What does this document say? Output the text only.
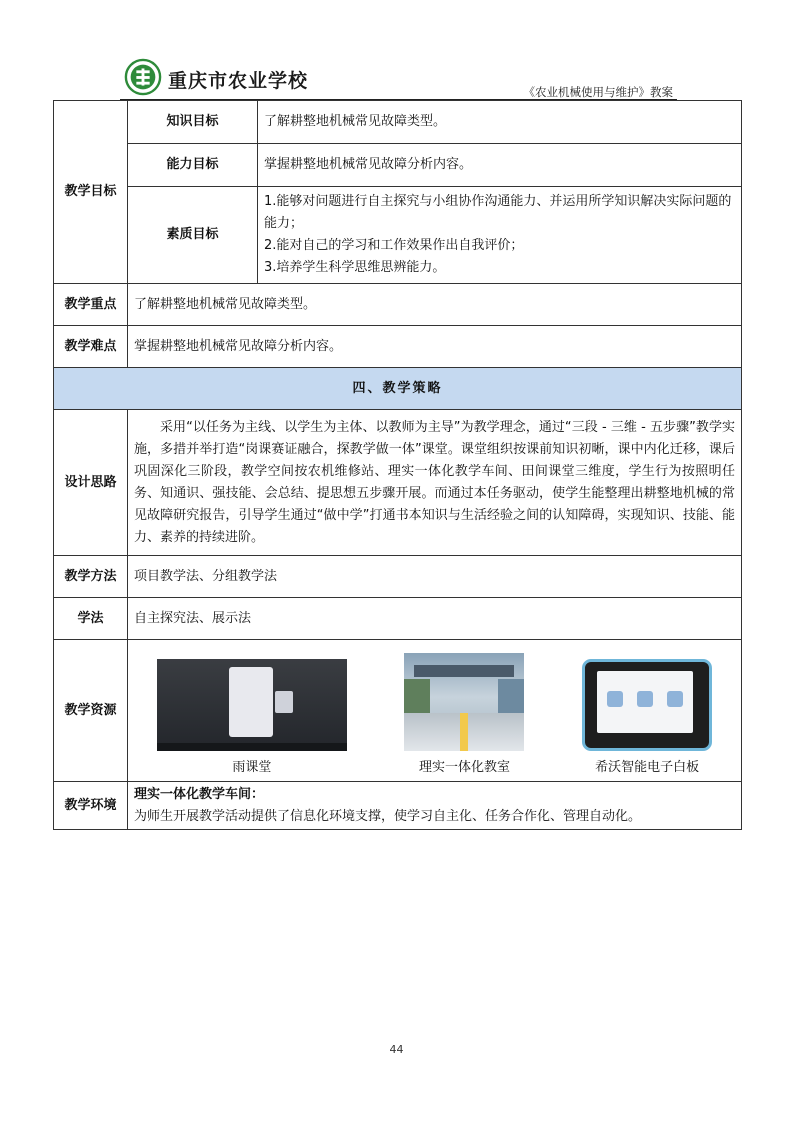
重庆市农业学校	《农业机械使用与维护》教案
教学目标	知识目标	了解耕整地机械常见故障类型。
	能力目标	掌握耕整地机械常见故障分析内容。
	素质目标	1.能够对问题进行自主探究与小组协作沟通能力、并运用所学知识解决实际问题的能力；
2.能对自己的学习和工作效果作出自我评价；
3.培养学生科学思维思辨能力。

教学重点	了解耕整地机械常见故障类型。	
教学难点	掌握耕整地机械常见故障分析内容。	
四、教学策略		
设计思路	采用“以任务为主线、以学生为主体、以教师为主导”为教学理念，通过“三段 - 三维 - 五步骤”教学实施，多措并举打造“岗课赛证融合，探教学做一体”课堂。课堂组织按课前知识初晰，课中内化迁移，课后巩固深化三阶段，教学空间按农机维修站、理实一体化教学车间、田间课堂三维度，学生行为按照明任务、知通识、强技能、会总结、提思想五步骤开展。而通过本任务驱动，使学生能整理出耕整地机械的常见故障研究报告，引导学生通过“做中学”打通书本知识与生活经验之间的认知障碍，实现知识、技能、能力、素养的持续进阶。	
教学方法	项目教学法、分组教学法	
学法	自主探究法、展示法	
教学资源	雨课堂 理实一体化教室 希沃智能电子白板	

教学环境	理实一体化教学车间：
为师生开展教学活动提供了信息化环境支撑，使学习自主化、任务合作化、管理自动化。	
44
